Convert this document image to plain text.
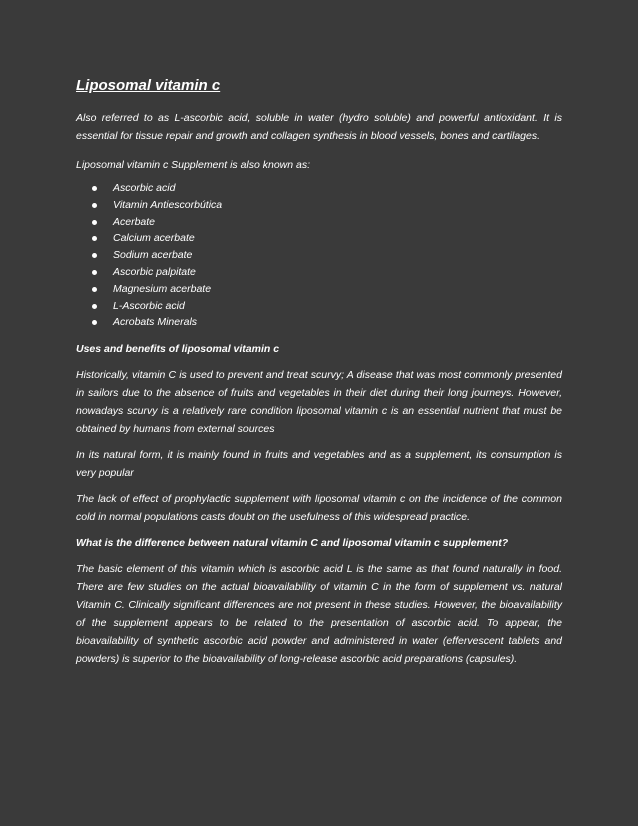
Liposomal vitamin c

Also referred to as L-ascorbic acid, soluble in water (hydro soluble) and powerful antioxidant. It is essential for tissue repair and growth and collagen synthesis in blood vessels, bones and cartilages.

Liposomal vitamin c Supplement is also known as:

Ascorbic acid
Vitamin Antiescorbútica
Acerbate
Calcium acerbate
Sodium acerbate
Ascorbic palpitate
Magnesium acerbate
L-Ascorbic acid
Acrobats Minerals

Uses and benefits of liposomal vitamin c

Historically, vitamin C is used to prevent and treat scurvy; A disease that was most commonly presented in sailors due to the absence of fruits and vegetables in their diet during their long journeys. However, nowadays scurvy is a relatively rare condition liposomal vitamin c is an essential nutrient that must be obtained by humans from external sources

In its natural form, it is mainly found in fruits and vegetables and as a supplement, its consumption is very popular

The lack of effect of prophylactic supplement with liposomal vitamin c on the incidence of the common cold in normal populations casts doubt on the usefulness of this widespread practice.

What is the difference between natural vitamin C and liposomal vitamin c supplement?

The basic element of this vitamin which is ascorbic acid L is the same as that found naturally in food. There are few studies on the actual bioavailability of vitamin C in the form of supplement vs. natural Vitamin C. Clinically significant differences are not present in these studies. However, the bioavailability of the supplement appears to be related to the presentation of ascorbic acid. To appear, the bioavailability of synthetic ascorbic acid powder and administered in water (effervescent tablets and powders) is superior to the bioavailability of long-release ascorbic acid preparations (capsules).
